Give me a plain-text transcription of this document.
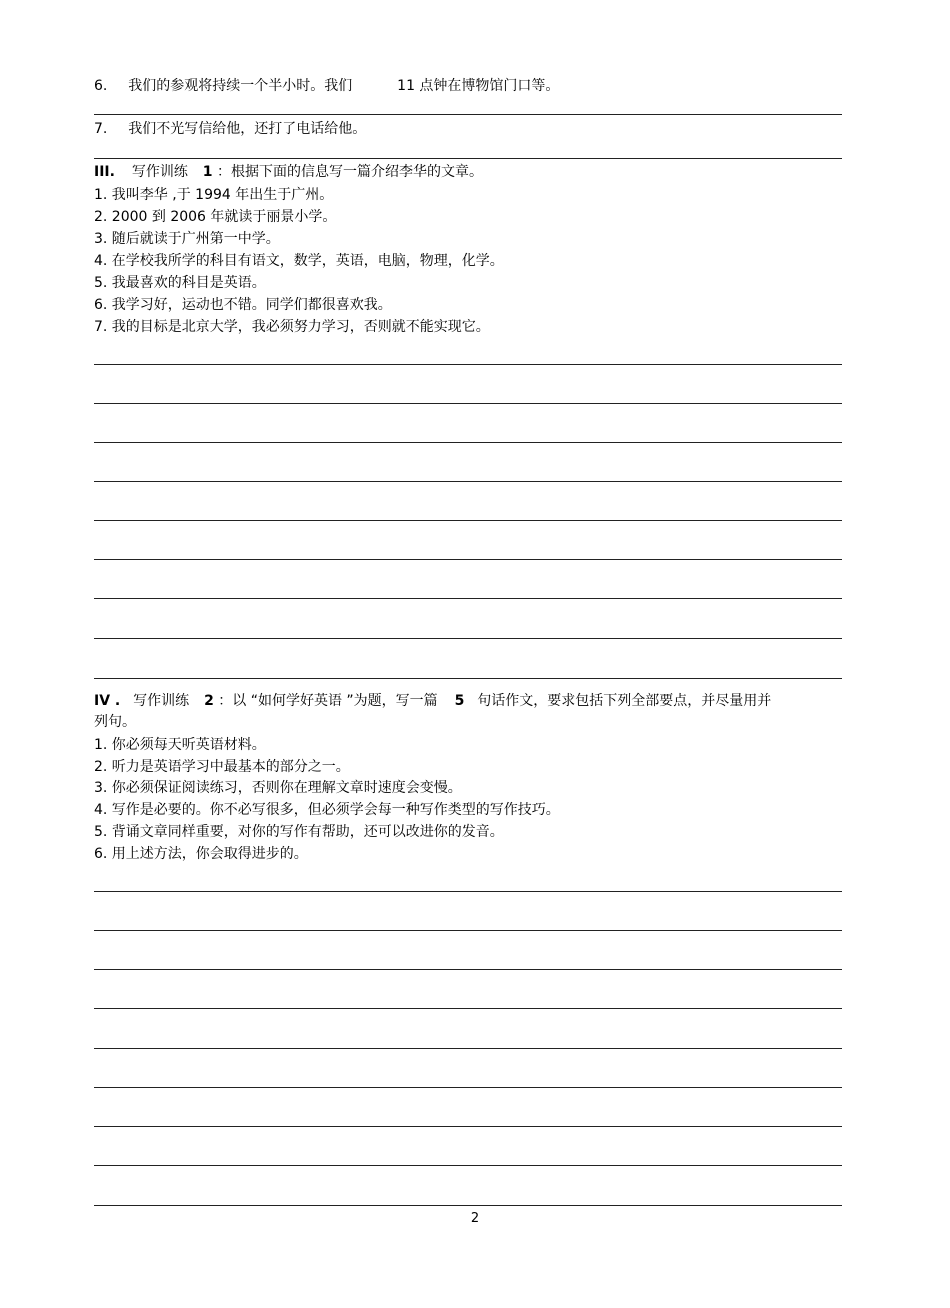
6. 我们的参观将持续一个半小时。我们	11 点钟在博物馆门口等。
7. 我们不光写信给他，还打了电话给他。
III. 写作训练 1 ：根据下面的信息写一篇介绍李华的文章。
1. 我叫李华 ,于 1994 年出生于广州。
2. 2000 到 2006 年就读于丽景小学。
3. 随后就读于广州第一中学。
4. 在学校我所学的科目有语文，数学，英语，电脑，物理，化学。
5. 我最喜欢的科目是英语。
6. 我学习好，运动也不错。同学们都很喜欢我。
7. 我的目标是北京大学，我必须努力学习，否则就不能实现它。
IV . 写作训练 2 ：以 “如何学好英语 ”为题，写一篇 5 句话作文，要求包括下列全部要点，并尽量用并
列句。
1. 你必须每天听英语材料。
2. 听力是英语学习中最基本的部分之一。
3. 你必须保证阅读练习，否则你在理解文章时速度会变慢。
4. 写作是必要的。你不必写很多，但必须学会每一种写作类型的写作技巧。
5. 背诵文章同样重要，对你的写作有帮助，还可以改进你的发音。
6. 用上述方法，你会取得进步的。
2
